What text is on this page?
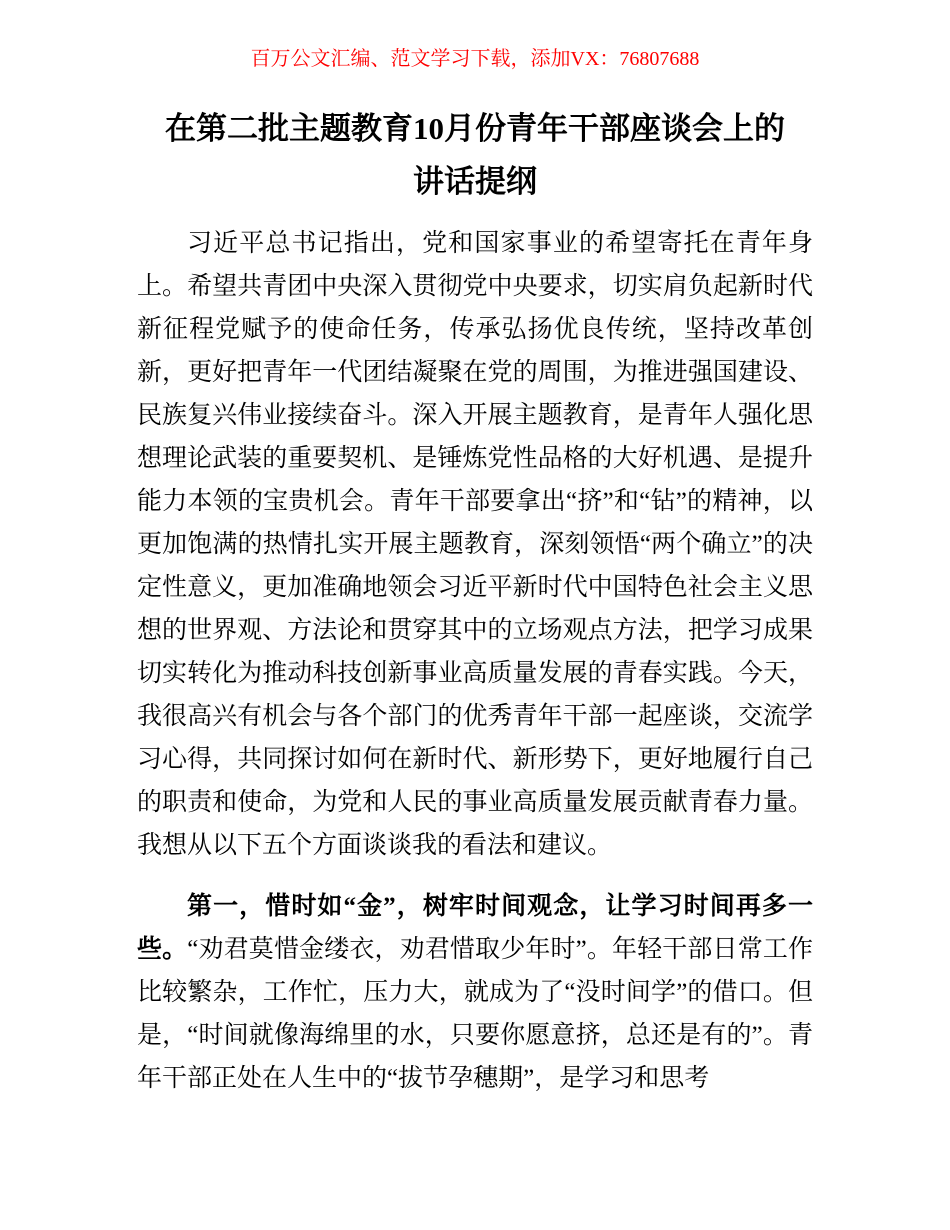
百万公文汇编、范文学习下载，添加VX：76807688
在第二批主题教育10月份青年干部座谈会上的
讲话提纲

习近平总书记指出，党和国家事业的希望寄托在青年身上。希望共青团中央深入贯彻党中央要求，切实肩负起新时代新征程党赋予的使命任务，传承弘扬优良传统，坚持改革创新，更好把青年一代团结凝聚在党的周围，为推进强国建设、民族复兴伟业接续奋斗。深入开展主题教育，是青年人强化思想理论武装的重要契机、是锤炼党性品格的大好机遇、是提升能力本领的宝贵机会。青年干部要拿出“挤”和“钻”的精神，以更加饱满的热情扎实开展主题教育，深刻领悟“两个确立”的决定性意义，更加准确地领会习近平新时代中国特色社会主义思想的世界观、方法论和贯穿其中的立场观点方法，把学习成果切实转化为推动科技创新事业高质量发展的青春实践。今天，我很高兴有机会与各个部门的优秀青年干部一起座谈，交流学习心得，共同探讨如何在新时代、新形势下，更好地履行自己的职责和使命，为党和人民的事业高质量发展贡献青春力量。我想从以下五个方面谈谈我的看法和建议。

第一，惜时如“金”，树牢时间观念，让学习时间再多一些。“劝君莫惜金缕衣，劝君惜取少年时”。年轻干部日常工作比较繁杂，工作忙，压力大，就成为了“没时间学”的借口。但是，“时间就像海绵里的水，只要你愿意挤，总还是有的”。青年干部正处在人生中的“拔节孕穗期”，是学习和思考
